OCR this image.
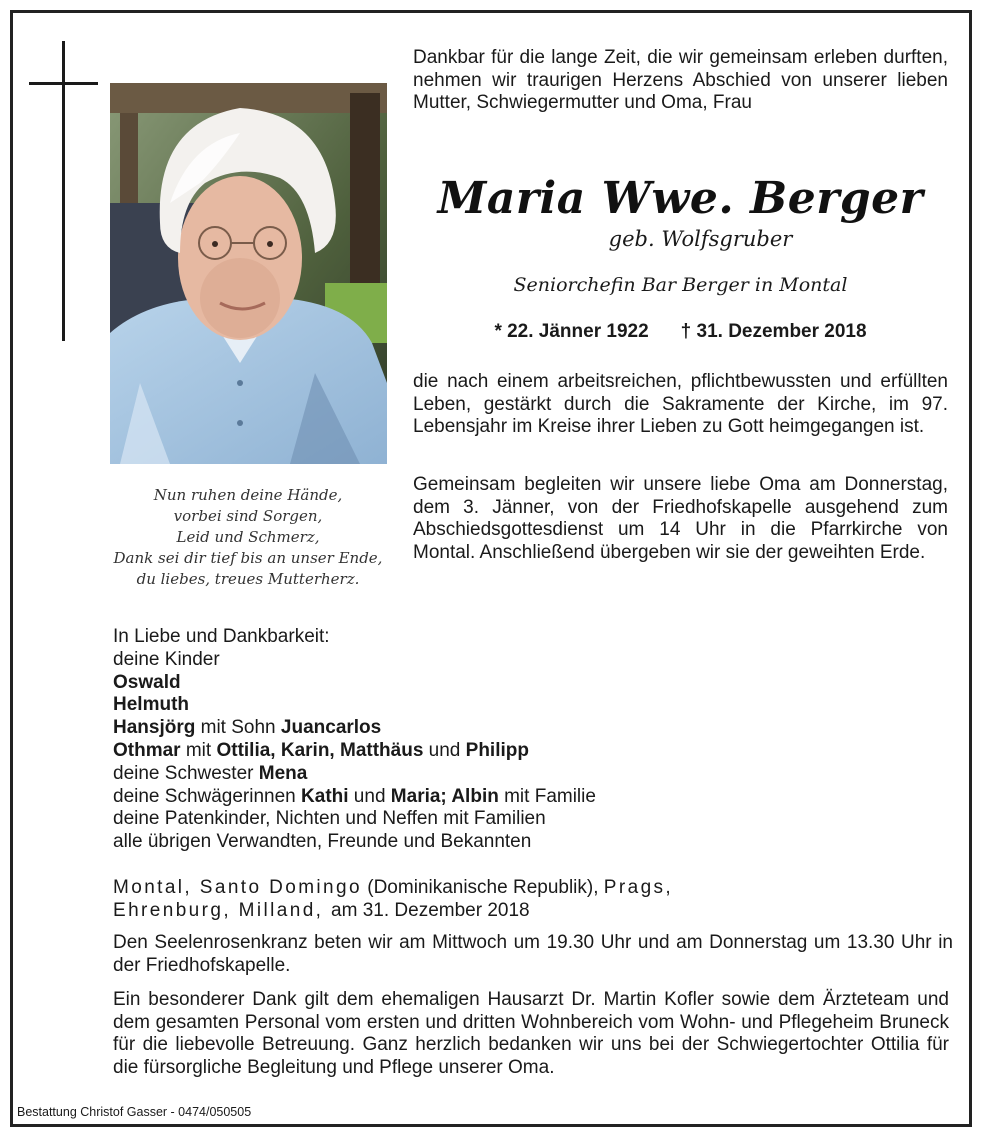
Nun ruhen deine Hände,
vorbei sind Sorgen,
Leid und Schmerz,
Dank sei dir tief bis an unser Ende,
du liebes, treues Mutterherz.
Dankbar für die lange Zeit, die wir gemeinsam erleben durften, nehmen wir traurigen Herzens Abschied von unserer lieben Mutter, Schwiegermutter und Oma, Frau
Maria Wwe. Berger
geb. Wolfsgruber
Seniorchefin Bar Berger in Montal
* 22. Jänner 1922 † 31. Dezember 2018
die nach einem arbeitsreichen, pflichtbewussten und erfüllten Leben, gestärkt durch die Sakramente der Kirche, im 97. Lebensjahr im Kreise ihrer Lieben zu Gott heimgegangen ist.
Gemeinsam begleiten wir unsere liebe Oma am Donnerstag, dem 3. Jänner, von der Friedhofskapelle ausgehend zum Abschiedsgottesdienst um 14 Uhr in die Pfarrkirche von Montal. Anschließend übergeben wir sie der geweihten Erde.
In Liebe und Dankbarkeit:
deine Kinder
Oswald
Helmuth
Hansjörg mit Sohn Juancarlos
Othmar mit Ottilia, Karin, Matthäus und Philipp
deine Schwester Mena
deine Schwägerinnen Kathi und Maria; Albin mit Familie
deine Patenkinder, Nichten und Neffen mit Familien
alle übrigen Verwandten, Freunde und Bekannten
Montal, Santo Domingo (Dominikanische Republik), Prags,
Ehrenburg, Milland, am 31. Dezember 2018
Den Seelenrosenkranz beten wir am Mittwoch um 19.30 Uhr und am Donnerstag um 13.30 Uhr in der Friedhofskapelle.
Ein besonderer Dank gilt dem ehemaligen Hausarzt Dr. Martin Kofler sowie dem Ärzteteam und dem gesamten Personal vom ersten und dritten Wohnbereich vom Wohn- und Pflegeheim Bruneck für die liebevolle Betreuung. Ganz herzlich bedanken wir uns bei der Schwiegertochter Ottilia für die fürsorgliche Begleitung und Pflege unserer Oma.
Bestattung Christof Gasser - 0474/050505
